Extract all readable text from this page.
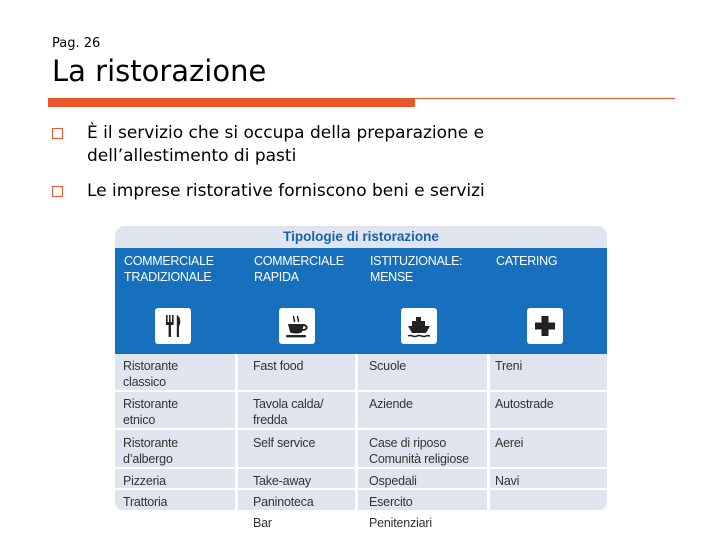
Pag. 26
La ristorazione
È il servizio che si occupa della preparazione e dell’allestimento di pasti
Le imprese ristorative forniscono beni e servizi
Tipologie di ristorazione
COMMERCIALE
TRADIZIONALE
COMMERCIALE
RAPIDA
ISTITUZIONALE:
MENSE
CATERING
Ristorante
classico
Ristorante
etnico
Ristorante
d’albergo
Pizzeria
Trattoria
Fast food
Tavola calda/
fredda
Self service
Take-away
Paninoteca
Bar
Scuole
Aziende
Case di riposo
Comunità religiose
Ospedali
Esercito
Penitenziari
Treni
Autostrade
Aerei
Navi
